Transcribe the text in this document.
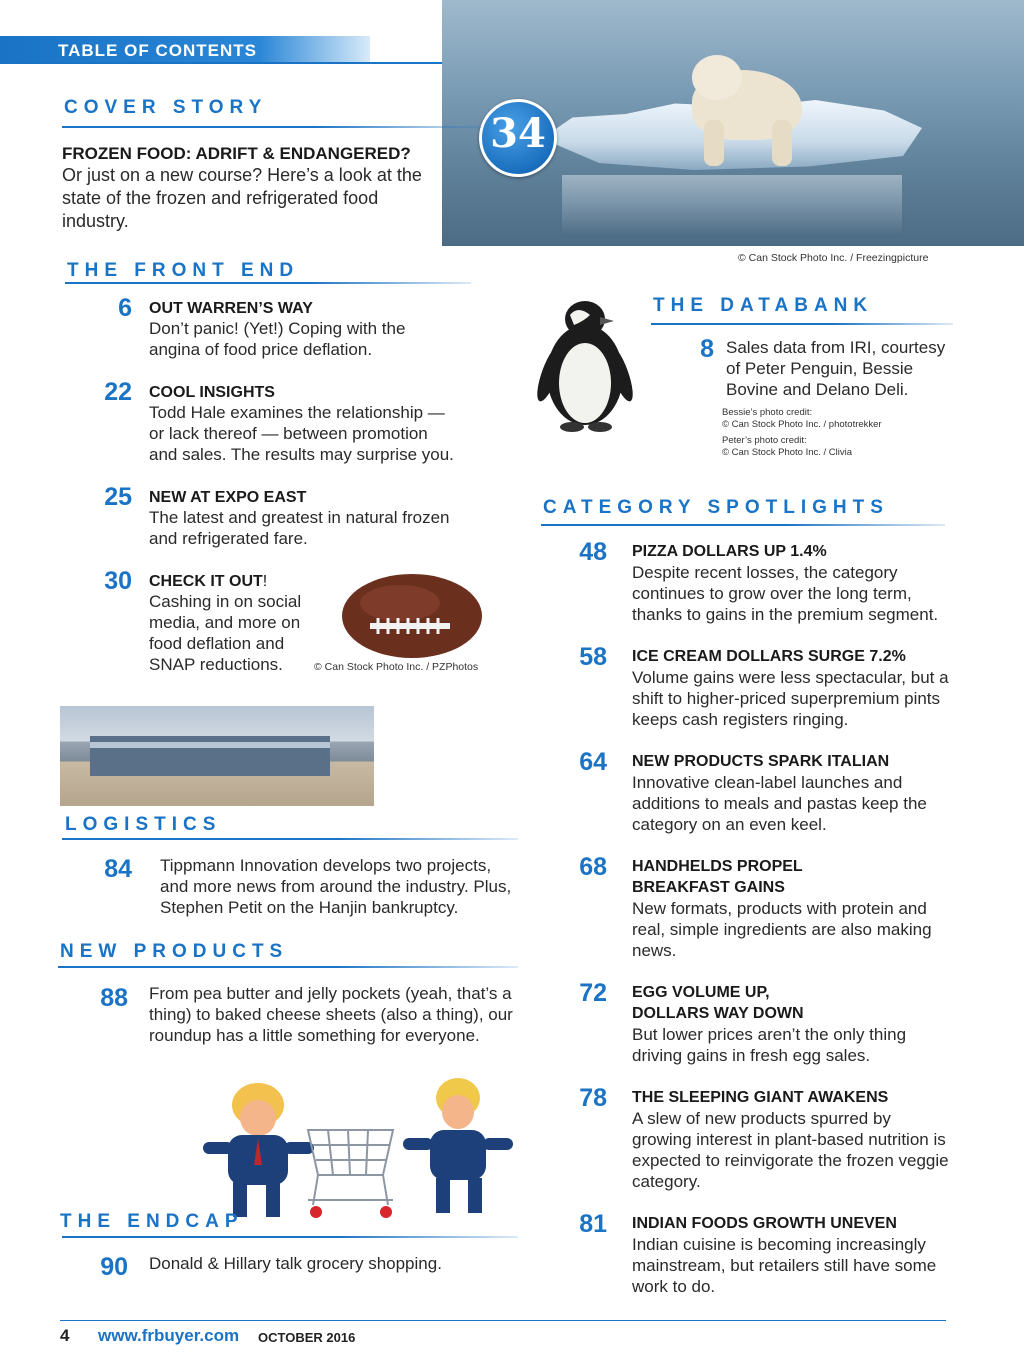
TABLE OF CONTENTS
© Can Stock Photo Inc. / Freezingpicture
34
COVER STORY
FROZEN FOOD: ADRIFT & ENDANGERED?
Or just on a new course? Here’s a look at the state of the frozen and refrigerated food industry.
THE FRONT END
6 OUT WARREN’S WAY
Don’t panic! (Yet!) Coping with the angina of food price deflation.
22 COOL INSIGHTS
Todd Hale examines the relationship — or lack thereof — between promotion and sales. The results may surprise you.
25 NEW AT EXPO EAST
The latest and greatest in natural frozen and refrigerated fare.
30 CHECK IT OUT!
Cashing in on social media, and more on food deflation and SNAP reductions.	© Can Stock Photo Inc. / PZPhotos
LOGISTICS
84 Tippmann Innovation develops two projects, and more news from around the industry. Plus, Stephen Petit on the Hanjin bankruptcy.
NEW PRODUCTS
88 From pea butter and jelly pockets (yeah, that’s a thing) to baked cheese sheets (also a thing), our roundup has a little something for everyone.
THE ENDCAP
90 Donald & Hillary talk grocery shopping.
THE DATABANK
8 Sales data from IRI, courtesy of Peter Penguin, Bessie Bovine and Delano Deli.
Bessie’s photo credit:
© Can Stock Photo Inc. / phototrekker
Peter’s photo credit:
© Can Stock Photo Inc. / Clivia
CATEGORY SPOTLIGHTS
48 PIZZA DOLLARS UP 1.4%
Despite recent losses, the category continues to grow over the long term, thanks to gains in the premium segment.
58 ICE CREAM DOLLARS SURGE 7.2%
Volume gains were less spectacular, but a shift to higher-priced superpremium pints keeps cash registers ringing.
64 NEW PRODUCTS SPARK ITALIAN
Innovative clean-label launches and additions to meals and pastas keep the category on an even keel.
68 HANDHELDS PROPEL BREAKFAST GAINS
New formats, products with protein and real, simple ingredients are also making news.
72 EGG VOLUME UP, DOLLARS WAY DOWN
But lower prices aren’t the only thing driving gains in fresh egg sales.
78 THE SLEEPING GIANT AWAKENS
A slew of new products spurred by growing interest in plant-based nutrition is expected to reinvigorate the frozen veggie category.
81 INDIAN FOODS GROWTH UNEVEN
Indian cuisine is becoming increasingly mainstream, but retailers still have some work to do.
4 www.frbuyer.com OCTOBER 2016
